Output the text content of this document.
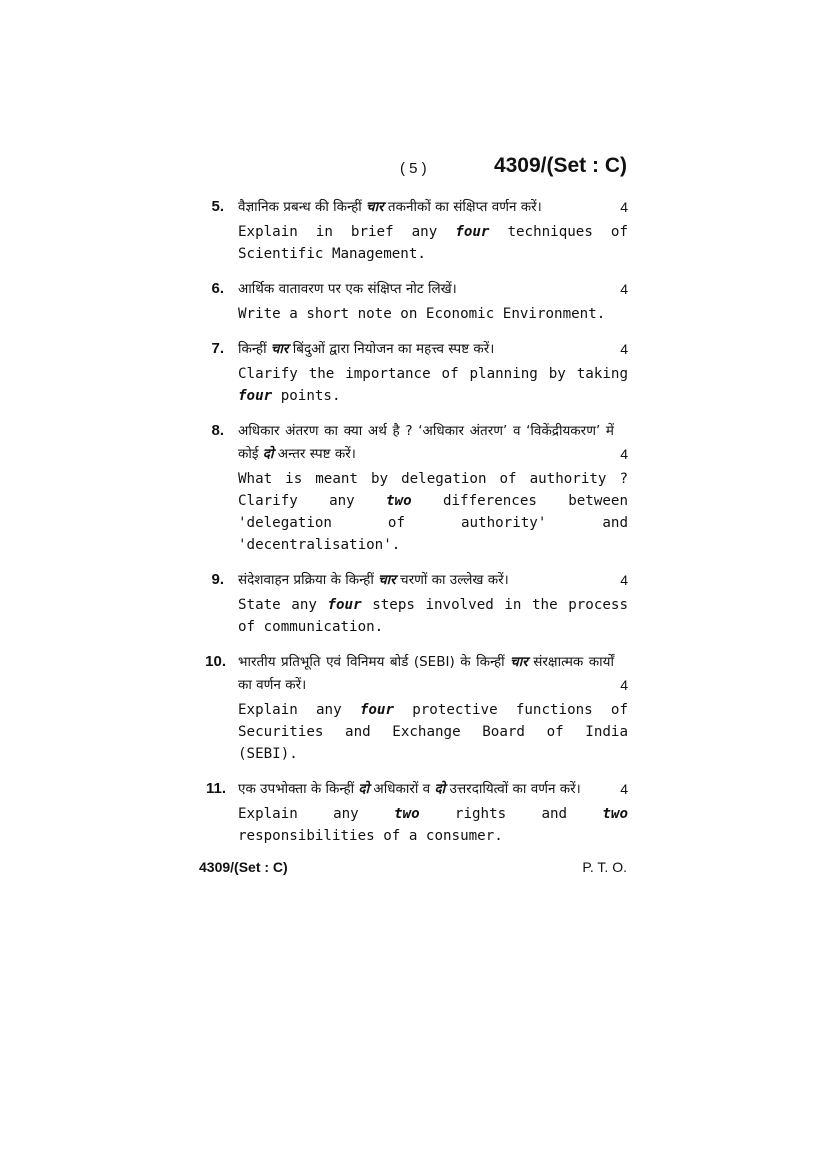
( 5 )	4309/(Set : C)
5. वैज्ञानिक प्रबन्ध की किन्हीं चार तकनीकों का संक्षिप्त वर्णन करें।	4

Explain in brief any four techniques of Scientific Management.

6. आर्थिक वातावरण पर एक संक्षिप्त नोट लिखें।	4

Write a short note on Economic Environment.

7. किन्हीं चार बिंदुओं द्वारा नियोजन का महत्त्व स्पष्ट करें।	4

Clarify the importance of planning by taking four points.

8. अधिकार अंतरण का क्या अर्थ है ? ‘अधिकार अंतरण’ व ‘विकेंद्रीयकरण’ में कोई दो अन्तर स्पष्ट करें।	4

What is meant by delegation of authority ? Clarify any two differences between 'delegation of authority' and 'decentralisation'.

9. संदेशवाहन प्रक्रिया के किन्हीं चार चरणों का उल्लेख करें।	4

State any four steps involved in the process of communication.

10. भारतीय प्रतिभूति एवं विनिमय बोर्ड (SEBI) के किन्हीं चार संरक्षात्मक कार्यों का वर्णन करें।	4

Explain any four protective functions of Securities and Exchange Board of India (SEBI).

11. एक उपभोक्ता के किन्हीं दो अधिकारों व दो उत्तरदायित्वों का वर्णन करें।	4

Explain any two rights and two responsibilities of a consumer.

4309/(Set : C)	P. T. O.
